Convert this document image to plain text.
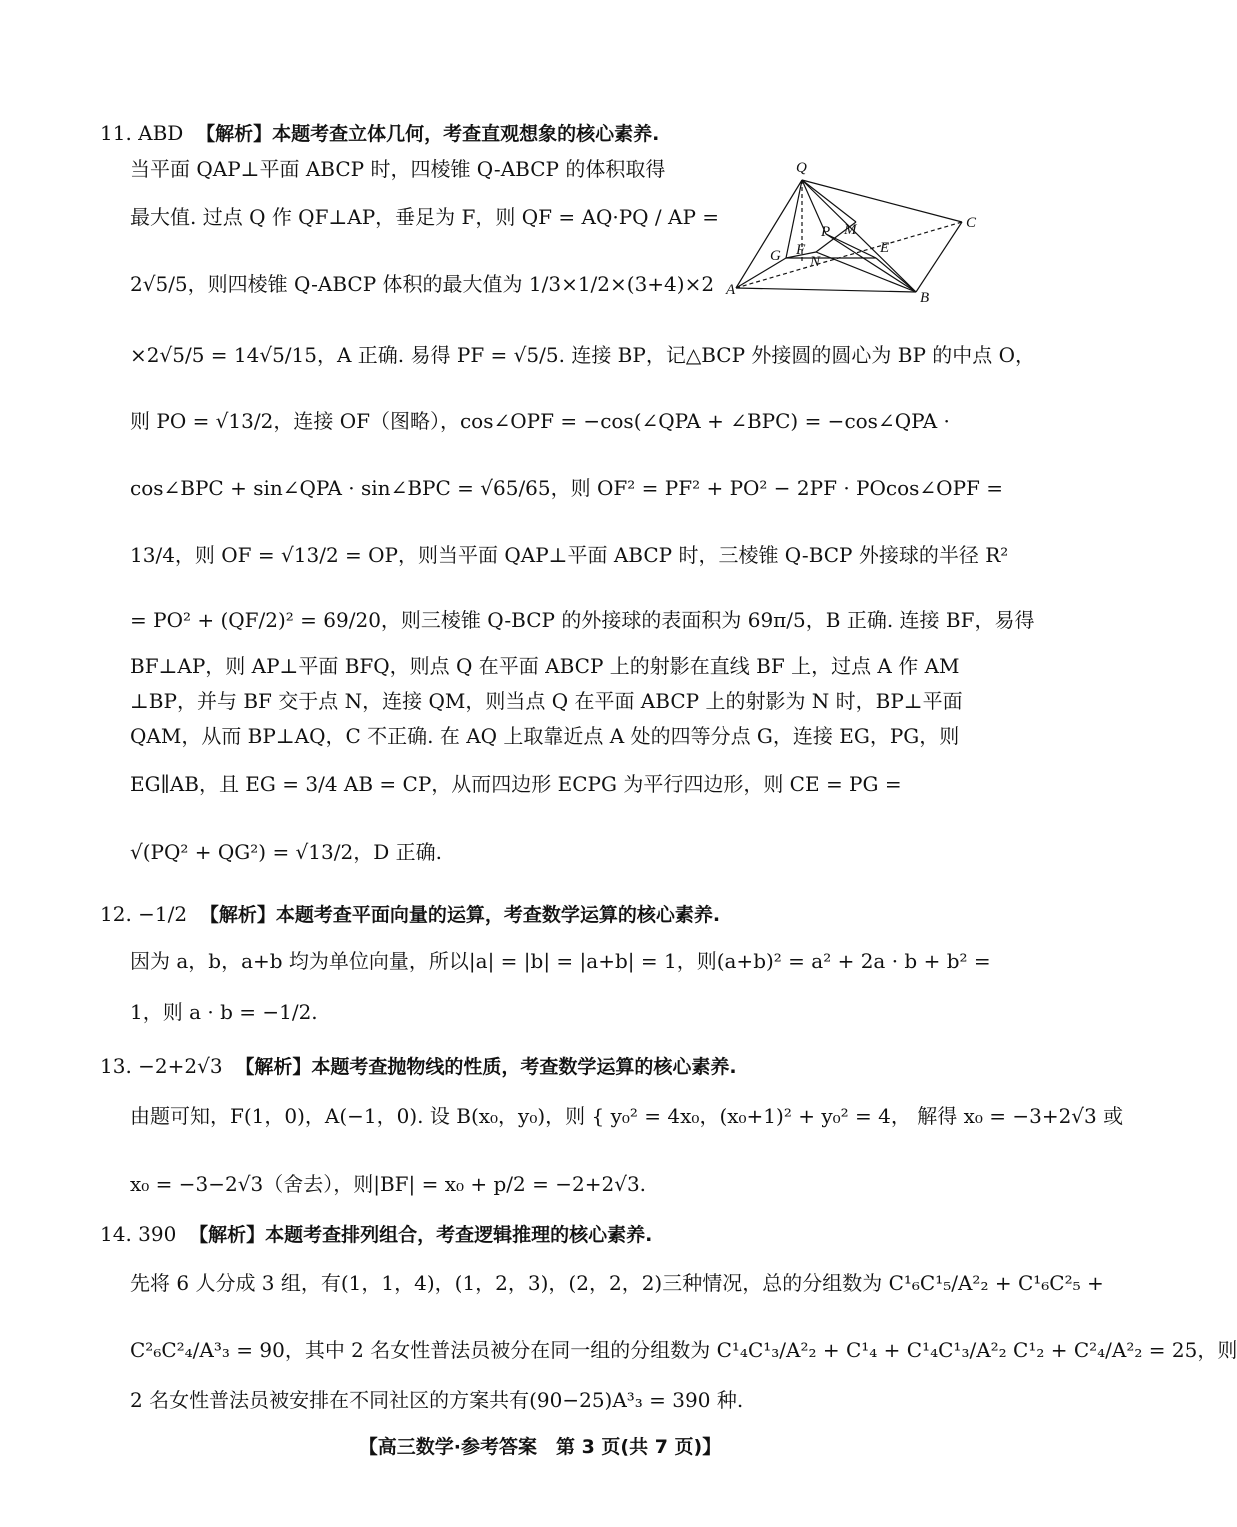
11. ABD 【解析】本题考查立体几何，考查直观想象的核心素养.
当平面 QAP⊥平面 ABCP 时，四棱锥 Q-ABCP 的体积取得
最大值. 过点 Q 作 QF⊥AP，垂足为 F，则 QF = AQ·PQ / AP =
2√5/5，则四棱锥 Q-ABCP 体积的最大值为 1/3×1/2×(3+4)×2
×2√5/5 = 14√5/15，A 正确. 易得 PF = √5/5. 连接 BP，记△BCP 外接圆的圆心为 BP 的中点 O，
则 PO = √13/2，连接 OF（图略），cos∠OPF = −cos(∠QPA + ∠BPC) = −cos∠QPA ·
cos∠BPC + sin∠QPA · sin∠BPC = √65/65，则 OF² = PF² + PO² − 2PF · POcos∠OPF =
13/4，则 OF = √13/2 = OP，则当平面 QAP⊥平面 ABCP 时，三棱锥 Q-BCP 外接球的半径 R²
= PO² + (QF/2)² = 69/20，则三棱锥 Q-BCP 的外接球的表面积为 69π/5，B 正确. 连接 BF，易得
BF⊥AP，则 AP⊥平面 BFQ，则点 Q 在平面 ABCP 上的射影在直线 BF 上，过点 A 作 AM
⊥BP，并与 BF 交于点 N，连接 QM，则当点 Q 在平面 ABCP 上的射影为 N 时，BP⊥平面
QAM，从而 BP⊥AQ，C 不正确. 在 AQ 上取靠近点 A 处的四等分点 G，连接 EG，PG，则
EG∥AB，且 EG = 3/4 AB = CP，从而四边形 ECPG 为平行四边形，则 CE = PG =
√(PQ² + QG²) = √13/2，D 正确.
Q
C
G
P M
E
F
N
A	B
12. −1/2 【解析】本题考查平面向量的运算，考查数学运算的核心素养.
因为 a，b，a+b 均为单位向量，所以|a| = |b| = |a+b| = 1，则(a+b)² = a² + 2a · b + b² =
1，则 a · b = −1/2.
13. −2+2√3 【解析】本题考查抛物线的性质，考查数学运算的核心素养.
由题可知，F(1，0)，A(−1，0). 设 B(x₀，y₀)，则 { y₀² = 4x₀，(x₀+1)² + y₀² = 4， 解得 x₀ = −3+2√3 或
x₀ = −3−2√3（舍去），则|BF| = x₀ + p/2 = −2+2√3.
14. 390 【解析】本题考查排列组合，考查逻辑推理的核心素养.
先将 6 人分成 3 组，有(1，1，4)，(1，2，3)，(2，2，2)三种情况，总的分组数为 C¹₆C¹₅/A²₂ + C¹₆C²₅ +
C²₆C²₄/A³₃ = 90，其中 2 名女性普法员被分在同一组的分组数为 C¹₄C¹₃/A²₂ + C¹₄ + C¹₄C¹₃/A²₂ C¹₂ + C²₄/A²₂ = 25，则
2 名女性普法员被安排在不同社区的方案共有(90−25)A³₃ = 390 种.
【高三数学·参考答案　第 3 页(共 7 页)】
